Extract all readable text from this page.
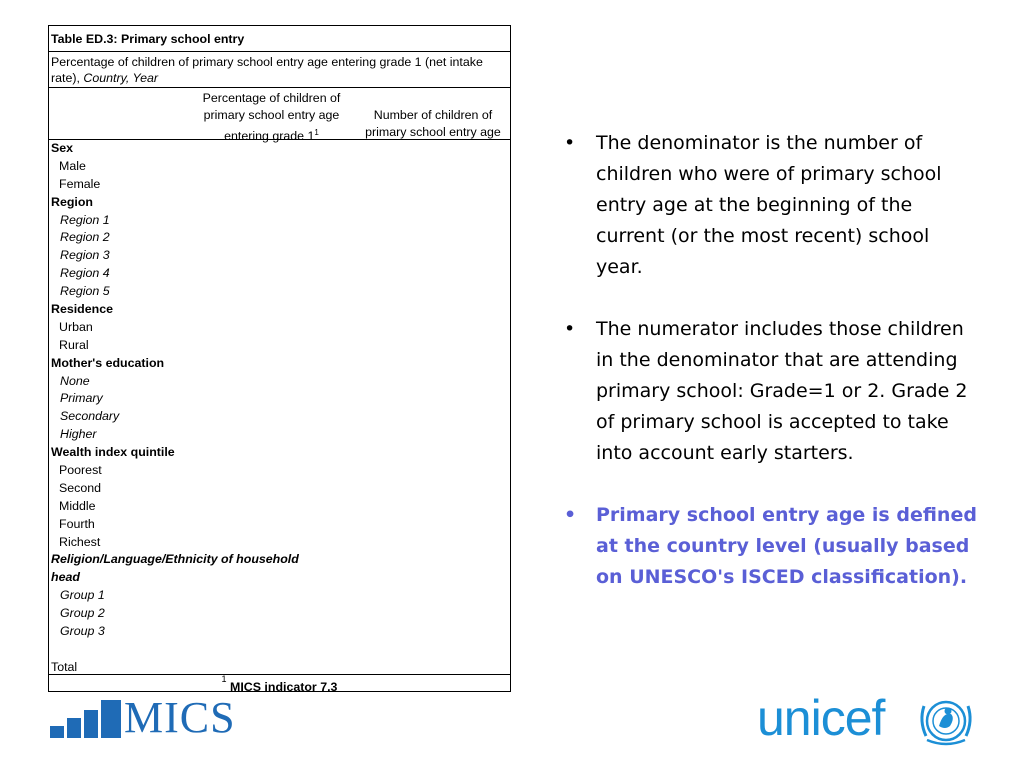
Table ED.3: Primary school entry
Percentage of children of primary school entry age entering grade 1 (net intake rate), Country, Year
Percentage of children of primary school entry age entering grade $1^1$
Number of children of primary school entry age
Sex
Male
Female
Region
Region 1
Region 2
Region 3
Region 4
Region 5
Residence
Urban
Rural
Mother's education
None
Primary
Secondary
Higher
Wealth index quintile
Poorest
Second
Middle
Fourth
Richest
Religion/Language/Ethnicity of household
head
Group 1
Group 2
Group 3
Total
$^1$ MICS indicator 7.3
• The denominator is the number of children who were of primary school entry age at the beginning of the current (or the most recent) school year.
• The numerator includes those children in the denominator that are attending primary school: Grade=1 or 2. Grade 2 of primary school is accepted to take into account early starters.
• Primary school entry age is defined at the country level (usually based on UNESCO's ISCED classification).
MICS	unicef
